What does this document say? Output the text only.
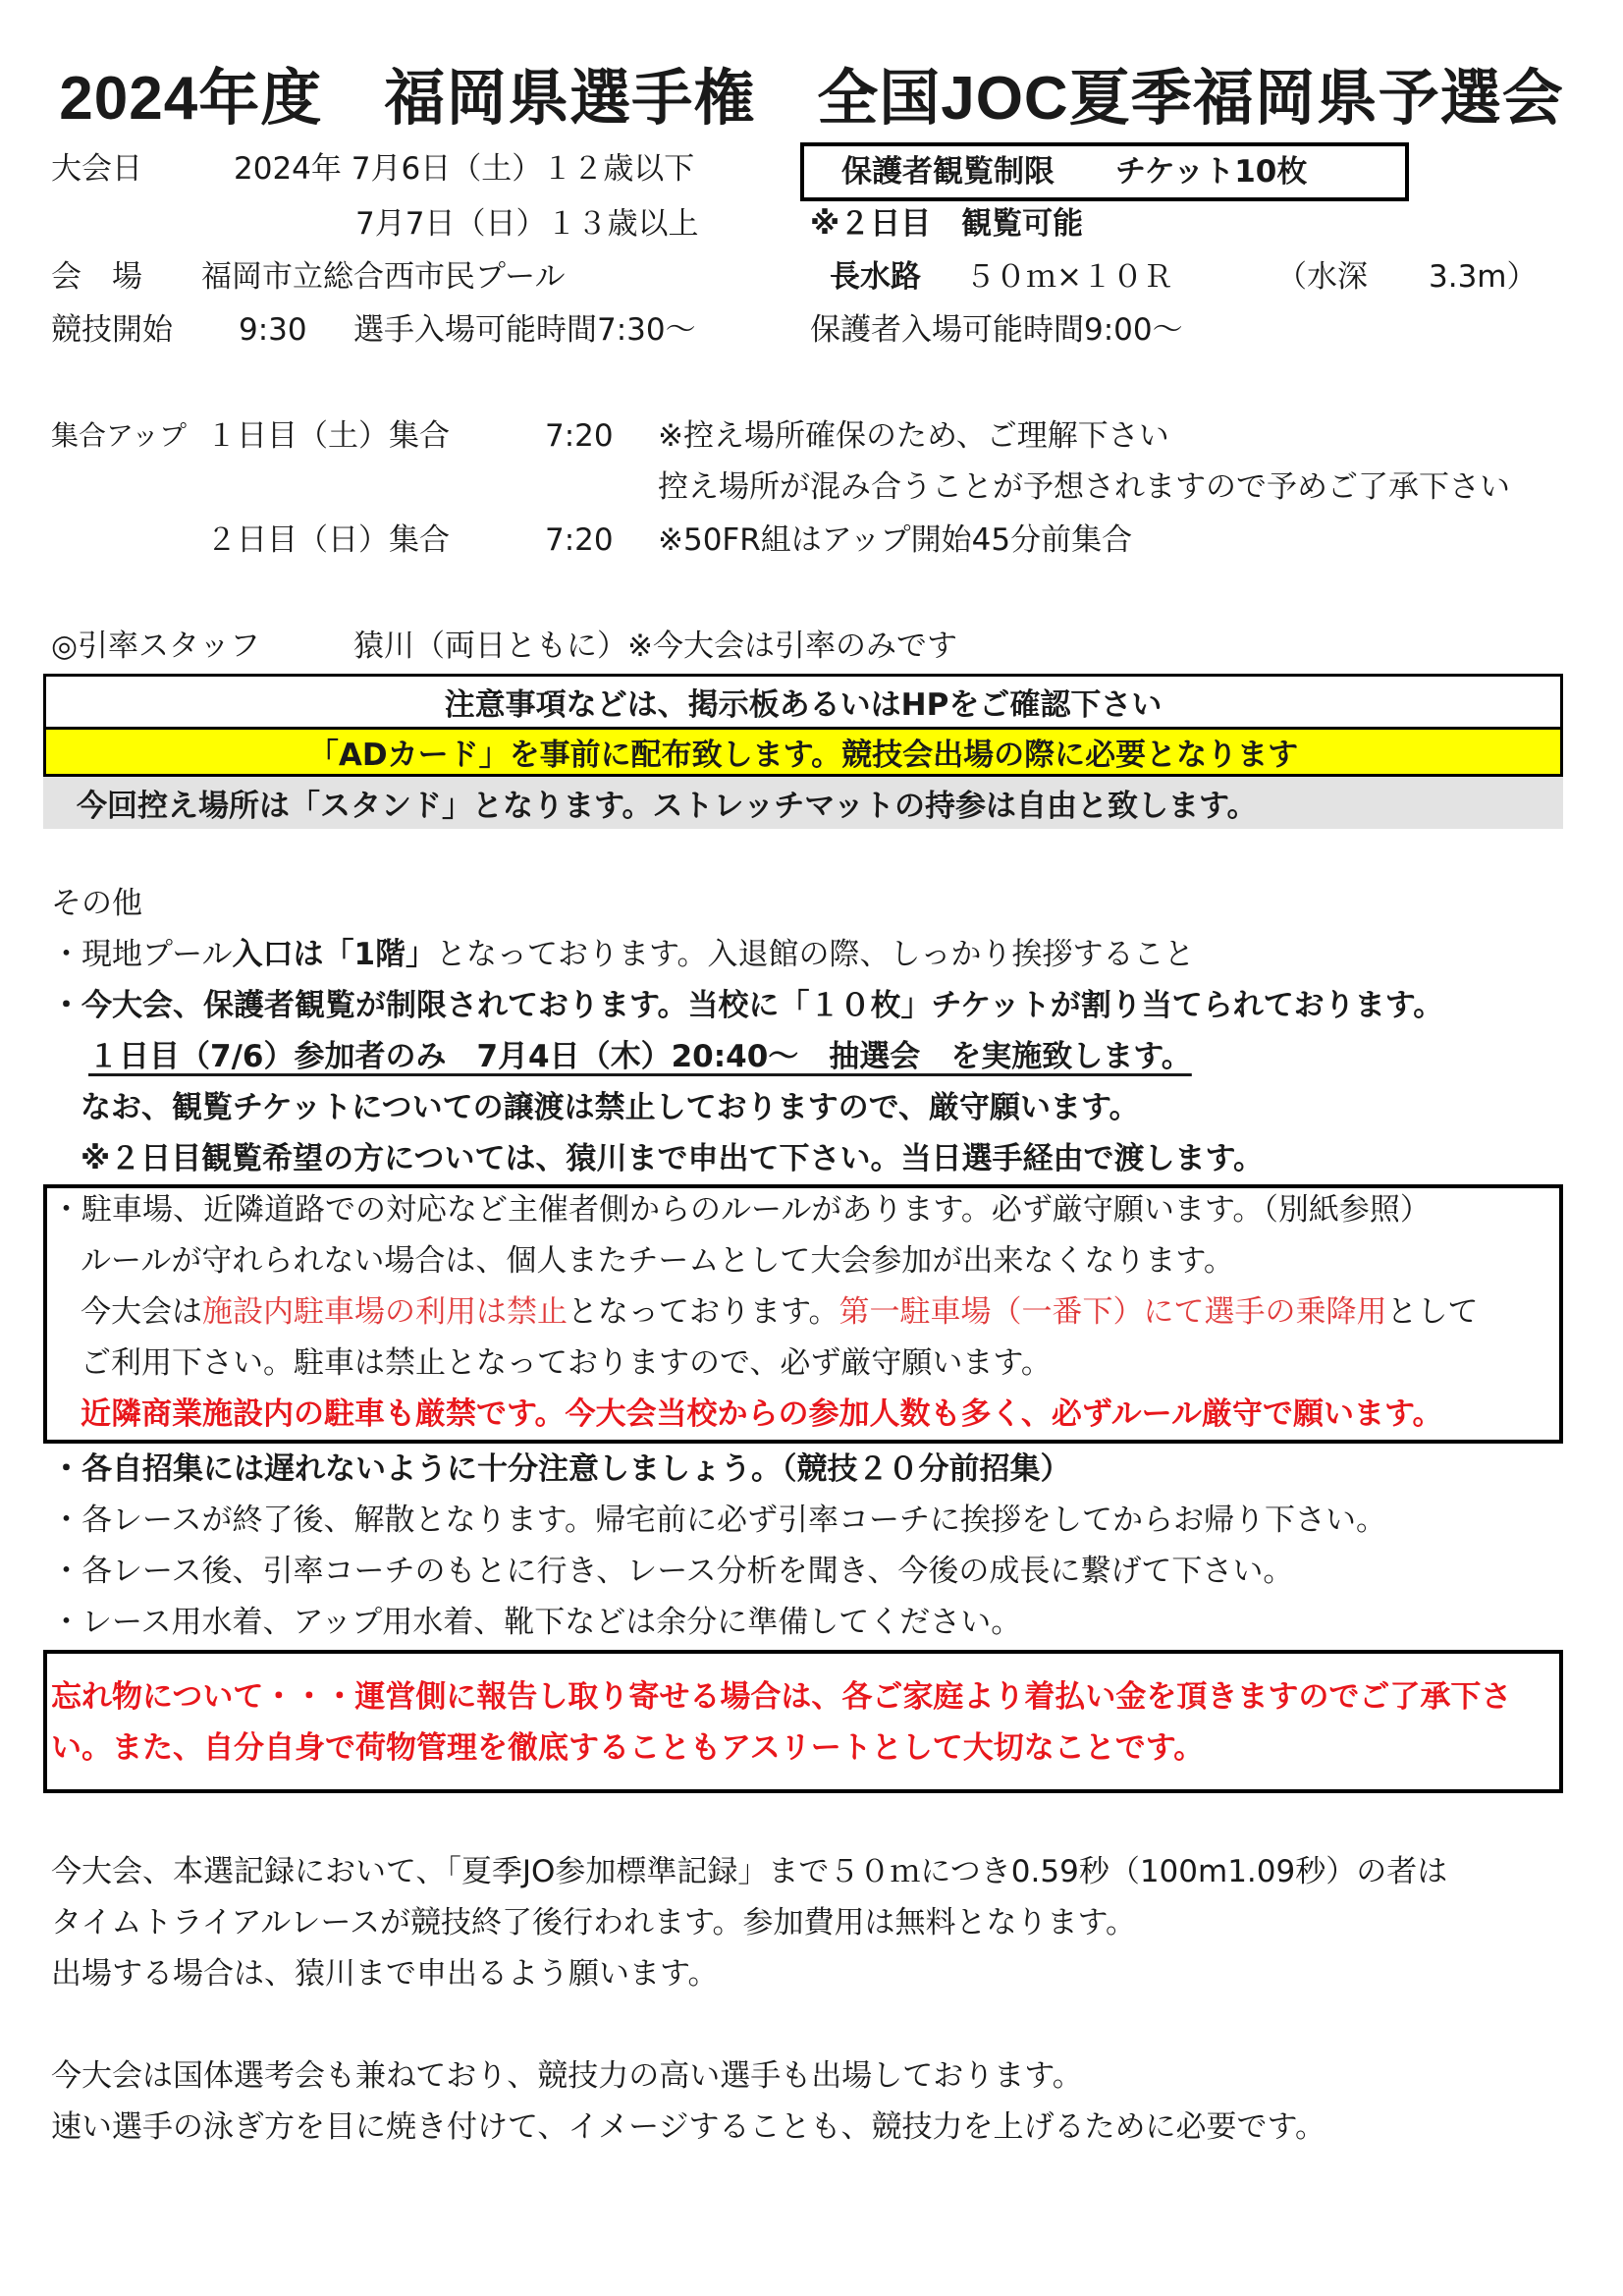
2024年度　福岡県選手権　全国JOC夏季福岡県予選会
大会日	2024年 7月6日（土）１２歳以下
7月7日（日）１３歳以上
会　場 福岡市立総合西市民プール
競技開始 9:30 選手入場可能時間7:30〜
保護者観覧制限　　チケット10枚
※２日目　観覧可能
長水路 ５０ｍ×１０Ｒ	（水深　　3.3m）
保護者入場可能時間9:00〜
集合アップ １日目（土）集合	7:20 ※控え場所確保のため、ご理解下さい
控え場所が混み合うことが予想されますので予めご了承下さい
２日目（日）集合	7:20 ※50FR組はアップ開始45分前集合
◎引率スタッフ	猿川（両日ともに）※今大会は引率のみです
注意事項などは、掲示板あるいはHPをご確認下さい
「ADカード」を事前に配布致します。競技会出場の際に必要となります
今回控え場所は「スタンド」となります。ストレッチマットの持参は自由と致します。
その他
・現地プール入口は「1階」となっております。入退館の際、しっかり挨拶すること
・今大会、保護者観覧が制限されております。当校に「１０枚」チケットが割り当てられております。
１日目（7/6）参加者のみ　7月4日（木）20:40〜　抽選会　を実施致します。
なお、観覧チケットについての譲渡は禁止しておりますので、厳守願います。
※２日目観覧希望の方については、猿川まで申出て下さい。当日選手経由で渡します。
・駐車場、近隣道路での対応など主催者側からのルールがあります。必ず厳守願います。（別紙参照）
ルールが守れられない場合は、個人またチームとして大会参加が出来なくなります。
今大会は施設内駐車場の利用は禁止となっております。第一駐車場（一番下）にて選手の乗降用として
ご利用下さい。駐車は禁止となっておりますので、必ず厳守願います。
近隣商業施設内の駐車も厳禁です。今大会当校からの参加人数も多く、必ずルール厳守で願います。
・各自招集には遅れないように十分注意しましょう。（競技２０分前招集）
・各レースが終了後、解散となります。帰宅前に必ず引率コーチに挨拶をしてからお帰り下さい。
・各レース後、引率コーチのもとに行き、レース分析を聞き、今後の成長に繋げて下さい。
・レース用水着、アップ用水着、靴下などは余分に準備してください。
忘れ物について・・・運営側に報告し取り寄せる場合は、各ご家庭より着払い金を頂きますのでご了承下さ
い。また、自分自身で荷物管理を徹底することもアスリートとして大切なことです。
今大会、本選記録において、「夏季JO参加標準記録」まで５０ｍにつき0.59秒（100m1.09秒）の者は
タイムトライアルレースが競技終了後行われます。参加費用は無料となります。
出場する場合は、猿川まで申出るよう願います。
今大会は国体選考会も兼ねており、競技力の高い選手も出場しております。
速い選手の泳ぎ方を目に焼き付けて、イメージすることも、競技力を上げるために必要です。
